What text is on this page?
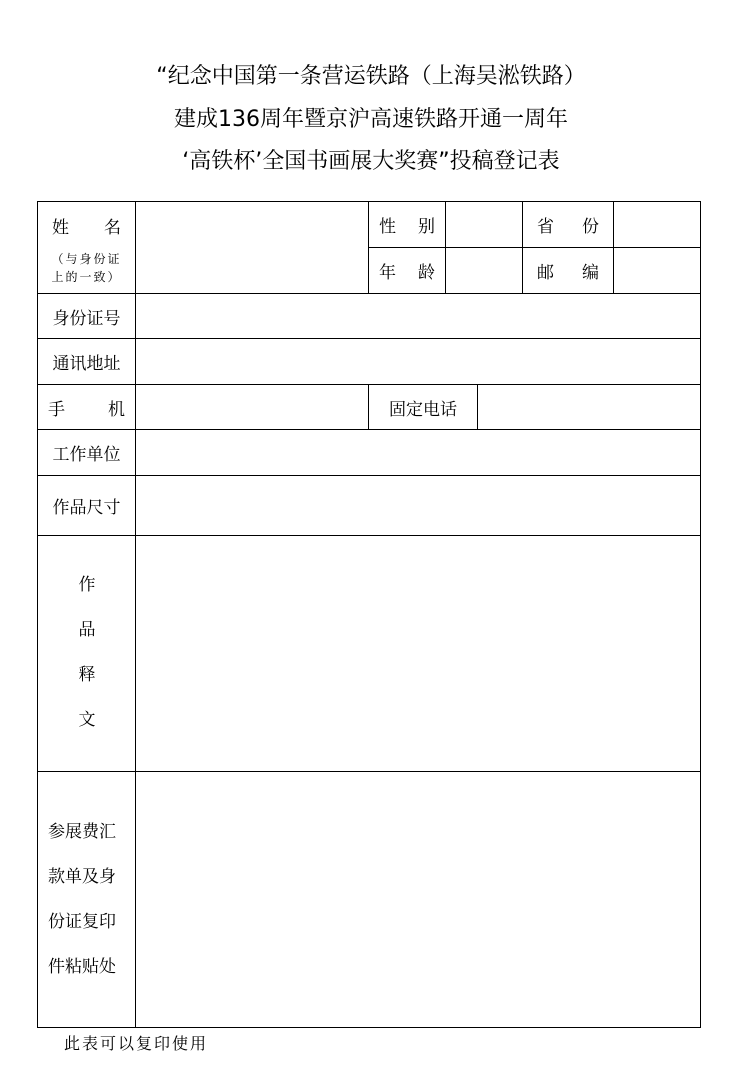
“纪念中国第一条营运铁路（上海吴淞铁路）
建成136周年暨京沪高速铁路开通一周年
‘高铁杯’全国书画展大奖赛”投稿登记表
姓 名
（与身份证
上的一致）
性 别	省 份
年 龄	邮 编
身份证号
通讯地址
手	机	固定电话
工作单位
作品尺寸
作
品
释
文
参展费汇
款单及身
份证复印
件粘贴处
此表可以复印使用
